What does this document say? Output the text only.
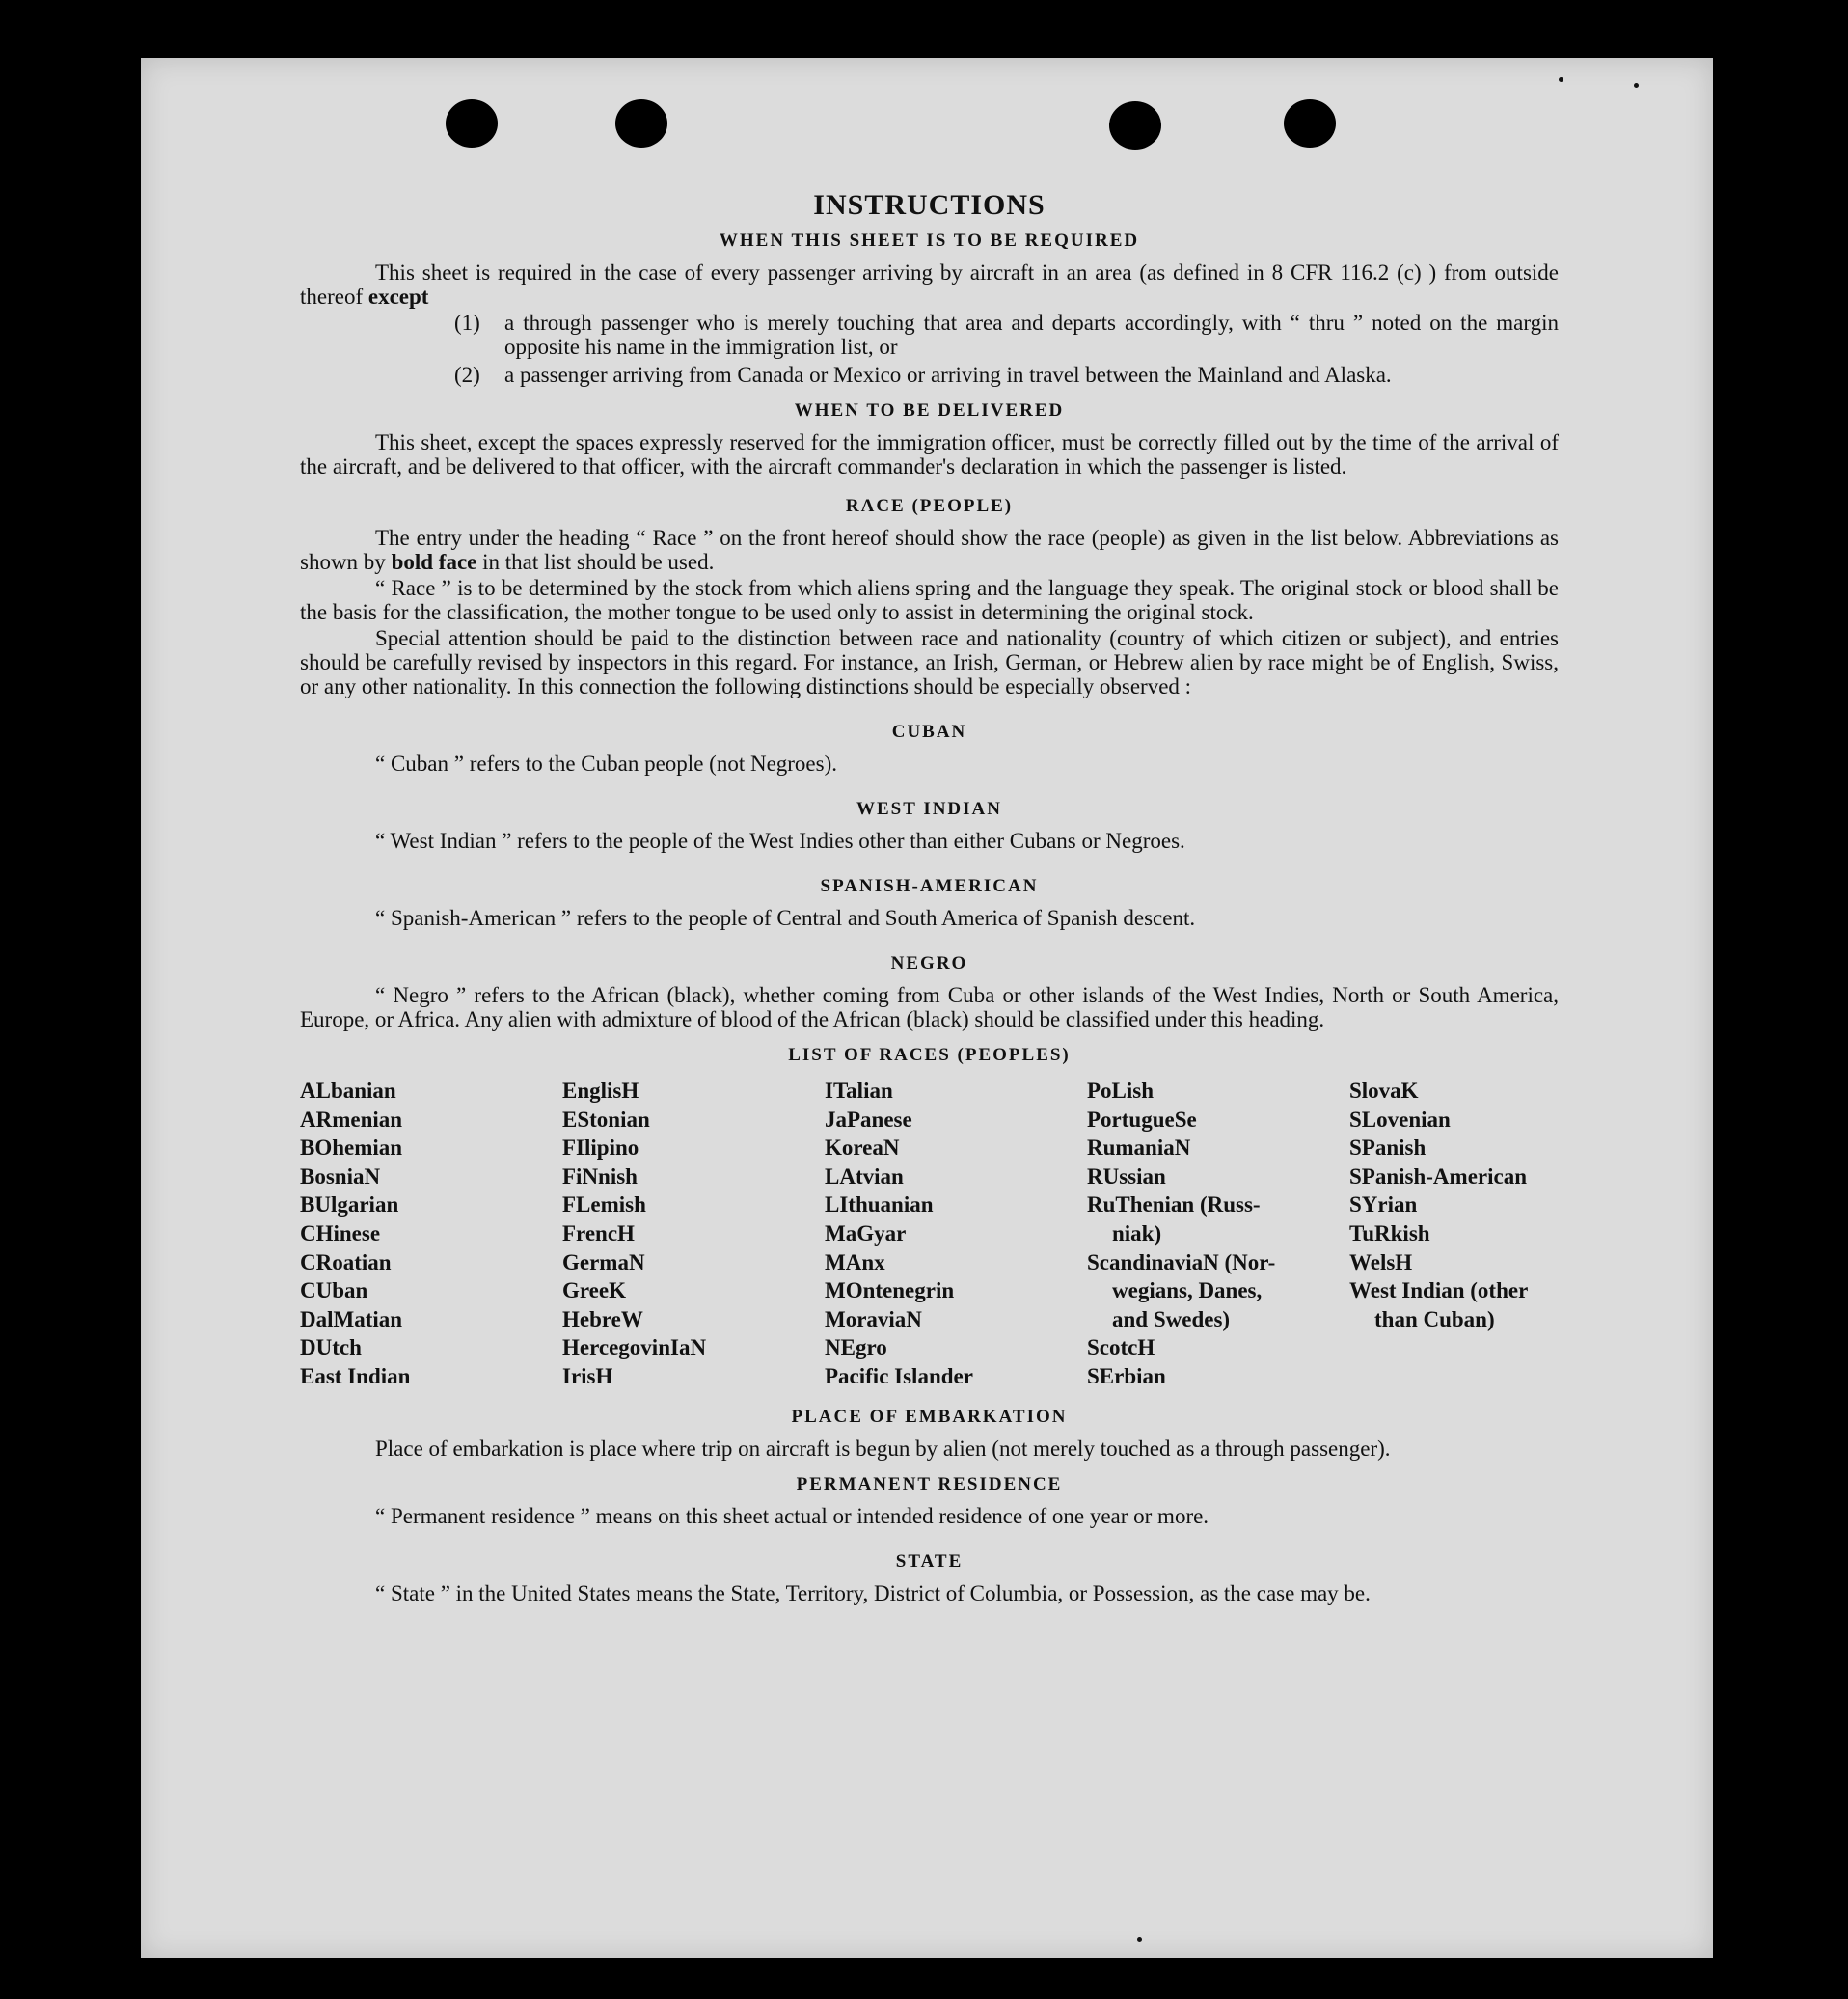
INSTRUCTIONS
WHEN THIS SHEET IS TO BE REQUIRED

This sheet is required in the case of every passenger arriving by aircraft in an area (as defined in 8 CFR 116.2 (c) ) from outside thereof except

(1)	a through passenger who is merely touching that area and departs accordingly, with “ thru ” noted on the margin opposite his name in the immigration list, or
(2)	a passenger arriving from Canada or Mexico or arriving in travel between the Mainland and Alaska.
WHEN TO BE DELIVERED

This sheet, except the spaces expressly reserved for the immigration officer, must be correctly filled out by the time of the arrival of the aircraft, and be delivered to that officer, with the aircraft commander's declaration in which the passenger is listed.

RACE (PEOPLE)

The entry under the heading “ Race ” on the front hereof should show the race (people) as given in the list below. Abbreviations as shown by bold face in that list should be used.

“ Race ” is to be determined by the stock from which aliens spring and the language they speak. The original stock or blood shall be the basis for the classification, the mother tongue to be used only to assist in determining the original stock.

Special attention should be paid to the distinction between race and nationality (country of which citizen or subject), and entries should be carefully revised by inspectors in this regard. For instance, an Irish, German, or Hebrew alien by race might be of English, Swiss, or any other nationality. In this connection the following distinctions should be especially observed :

CUBAN

“ Cuban ” refers to the Cuban people (not Negroes).

WEST INDIAN

“ West Indian ” refers to the people of the West Indies other than either Cubans or Negroes.

SPANISH-AMERICAN

“ Spanish-American ” refers to the people of Central and South America of Spanish descent.

NEGRO

“ Negro ” refers to the African (black), whether coming from Cuba or other islands of the West Indies, North or South America, Europe, or Africa. Any alien with admixture of blood of the African (black) should be classified under this heading.

LIST OF RACES (PEOPLES)
ALbanian
ARmenian
BOhemian
BosniaN
BUlgarian
CHinese
CRoatian
CUban
DalMatian
DUtch
East Indian
EnglisH
EStonian
FIlipino
FiNnish
FLemish
FrencH
GermaN
GreeK
HebreW
HercegovinIaN
IrisH
ITalian
JaPanese
KoreaN
LAtvian
LIthuanian
MaGyar
MAnx
MOntenegrin
MoraviaN
NEgro
Pacific Islander
PoLish
PortugueSe
RumaniaN
RUssian
RuThenian (Russ-
niak)
ScandinaviaN (Nor-
wegians, Danes,
and Swedes)
ScotcH
SErbian
SlovaK
SLovenian
SPanish
SPanish-American
SYrian
TuRkish
WelsH
West Indian (other
than Cuban)
PLACE OF EMBARKATION

Place of embarkation is place where trip on aircraft is begun by alien (not merely touched as a through passenger).

PERMANENT RESIDENCE

“ Permanent residence ” means on this sheet actual or intended residence of one year or more.

STATE

“ State ” in the United States means the State, Territory, District of Columbia, or Possession, as the case may be.
